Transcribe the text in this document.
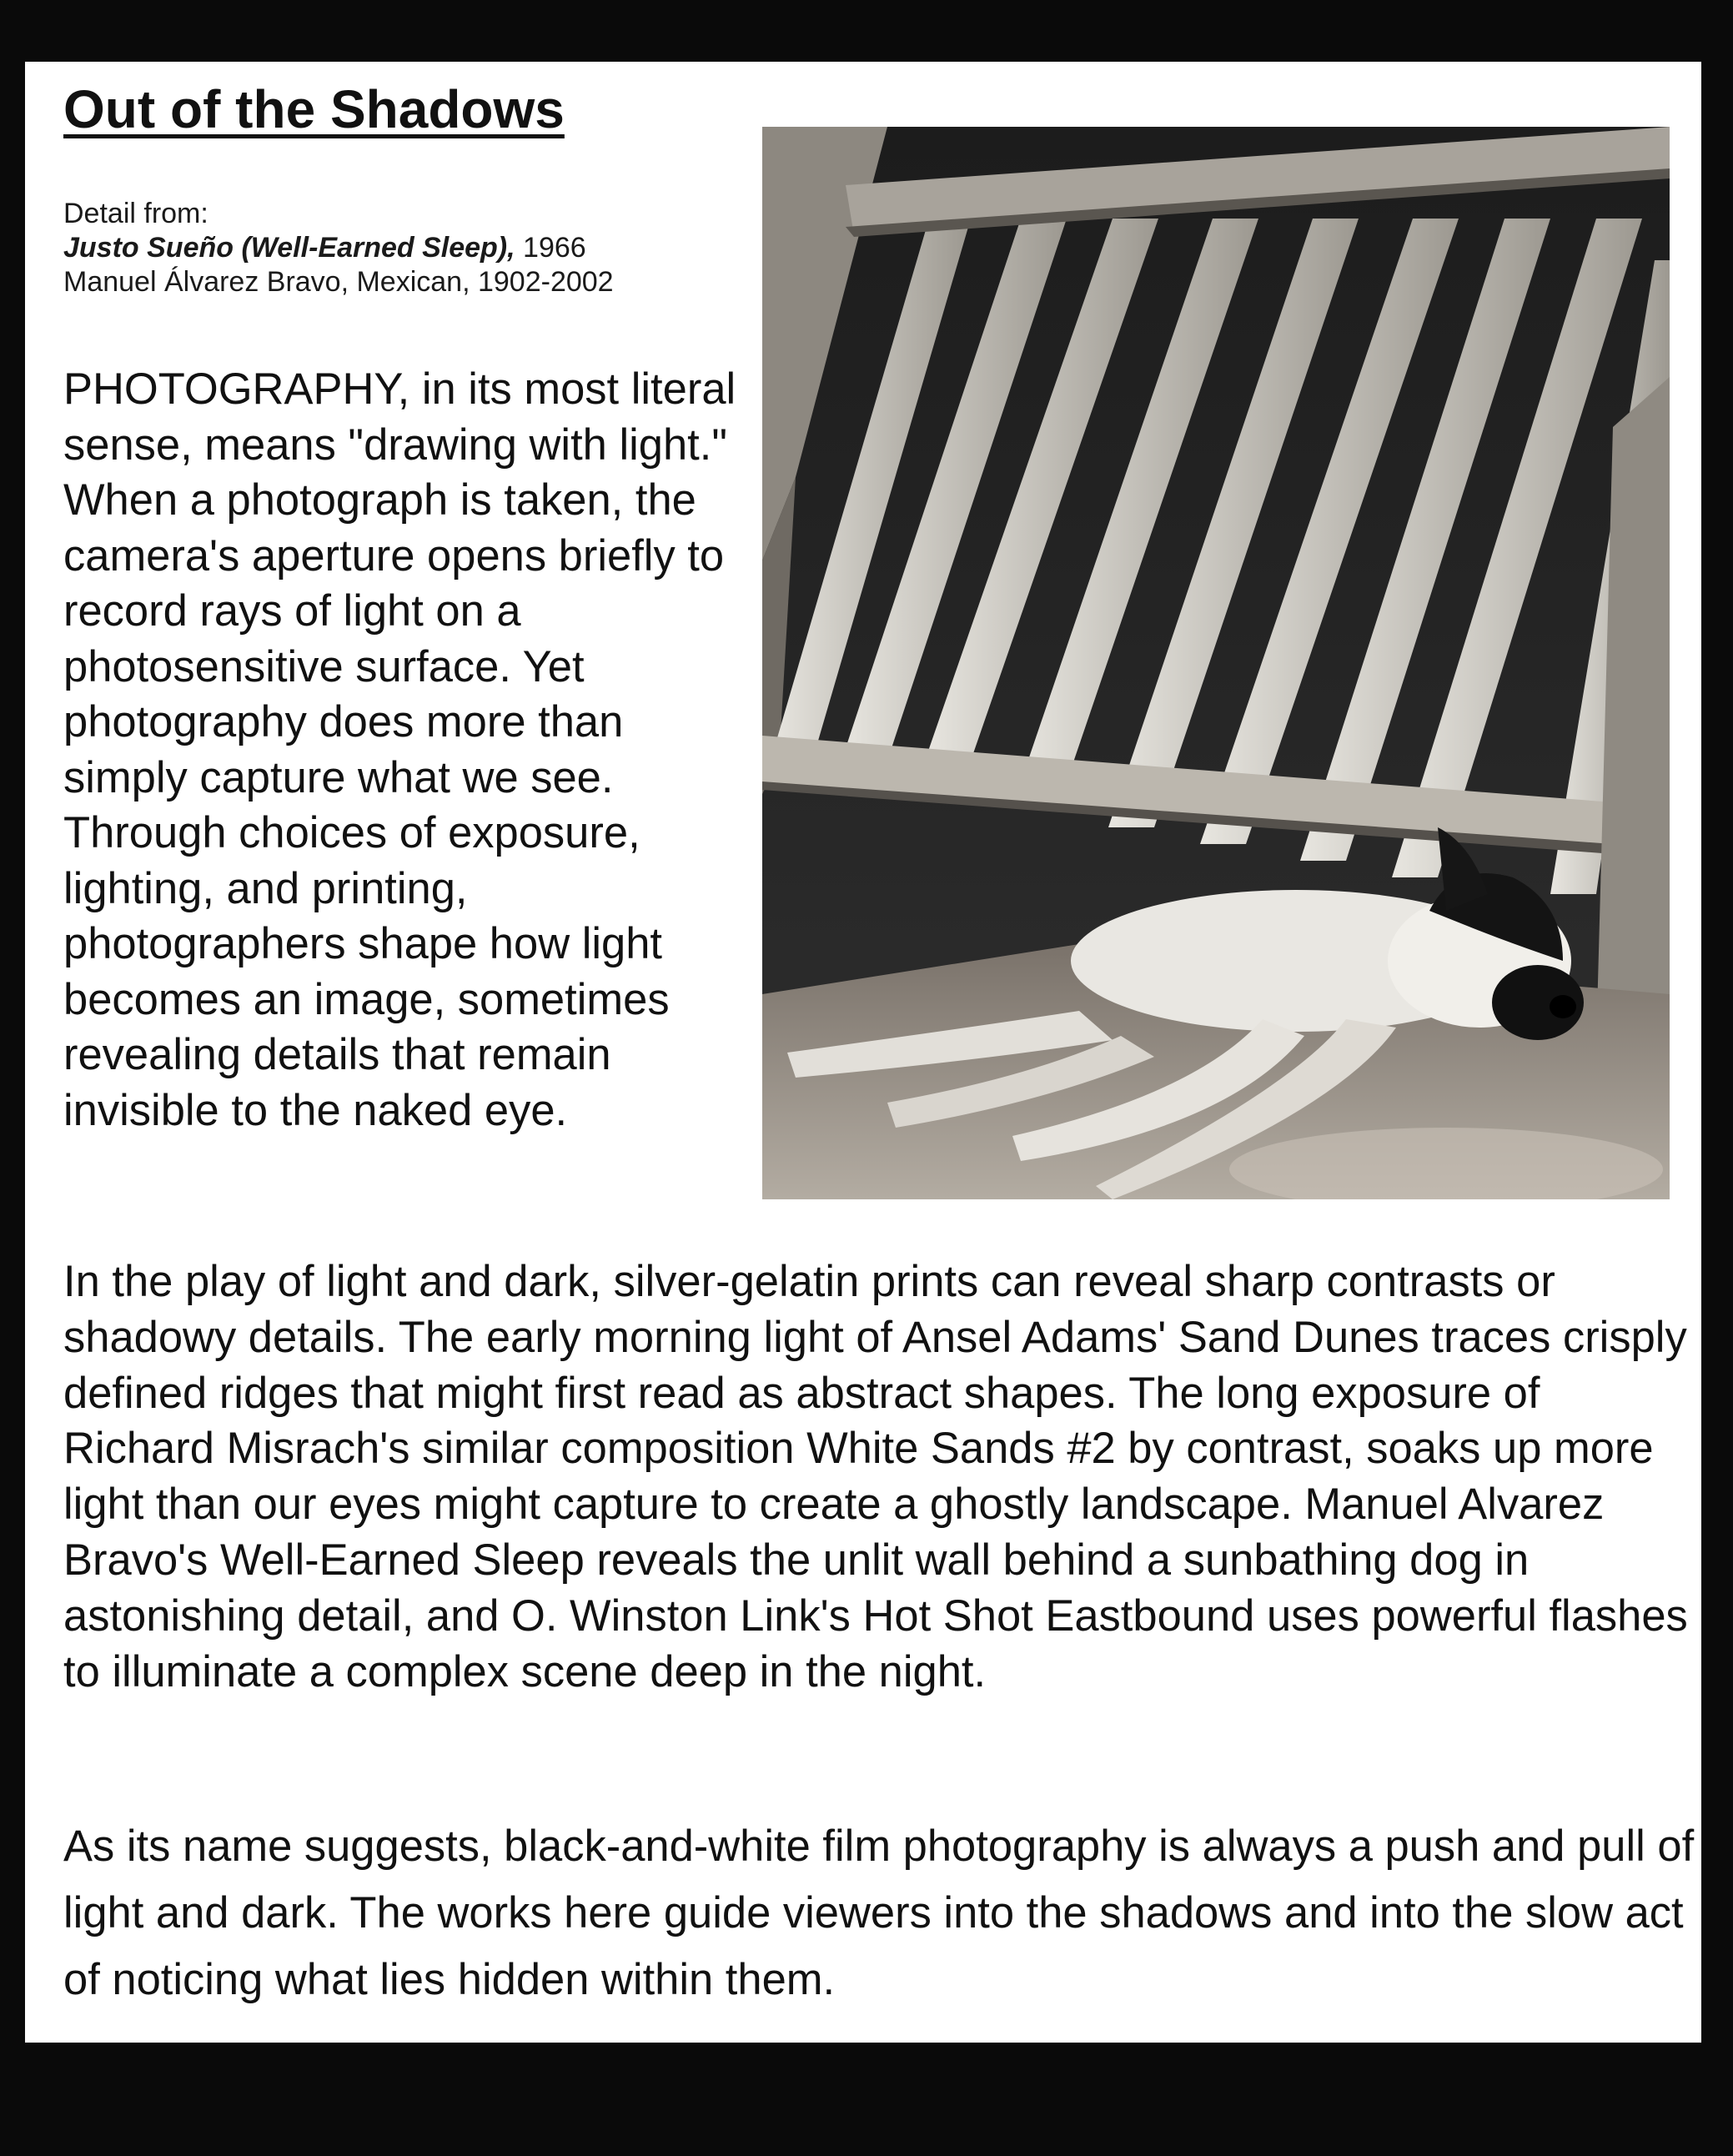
Out of the Shadows
Detail from:
Justo Sueño (Well-Earned Sleep), 1966
Manuel Álvarez Bravo, Mexican, 1902-2002

PHOTOGRAPHY, in its most literal sense, means "drawing with light." When a photograph is taken, the camera's aperture opens briefly to record rays of light on a photosensitive surface. Yet photography does more than simply capture what we see. Through choices of exposure, lighting, and printing, photographers shape how light becomes an image, sometimes revealing details that remain invisible to the naked eye.

In the play of light and dark, silver-gelatin prints can reveal sharp contrasts or shadowy details. The early morning light of Ansel Adams' Sand Dunes traces crisply defined ridges that might first read as abstract shapes. The long exposure of Richard Misrach's similar composition White Sands #2 by contrast, soaks up more light than our eyes might capture to create a ghostly landscape. Manuel Alvarez Bravo's Well-Earned Sleep reveals the unlit wall behind a sunbathing dog in astonishing detail, and O. Winston Link's Hot Shot Eastbound uses powerful flashes to illuminate a complex scene deep in the night.

As its name suggests, black-and-white film photography is always a push and pull of light and dark. The works here guide viewers into the shadows and into the slow act of noticing what lies hidden within them.
